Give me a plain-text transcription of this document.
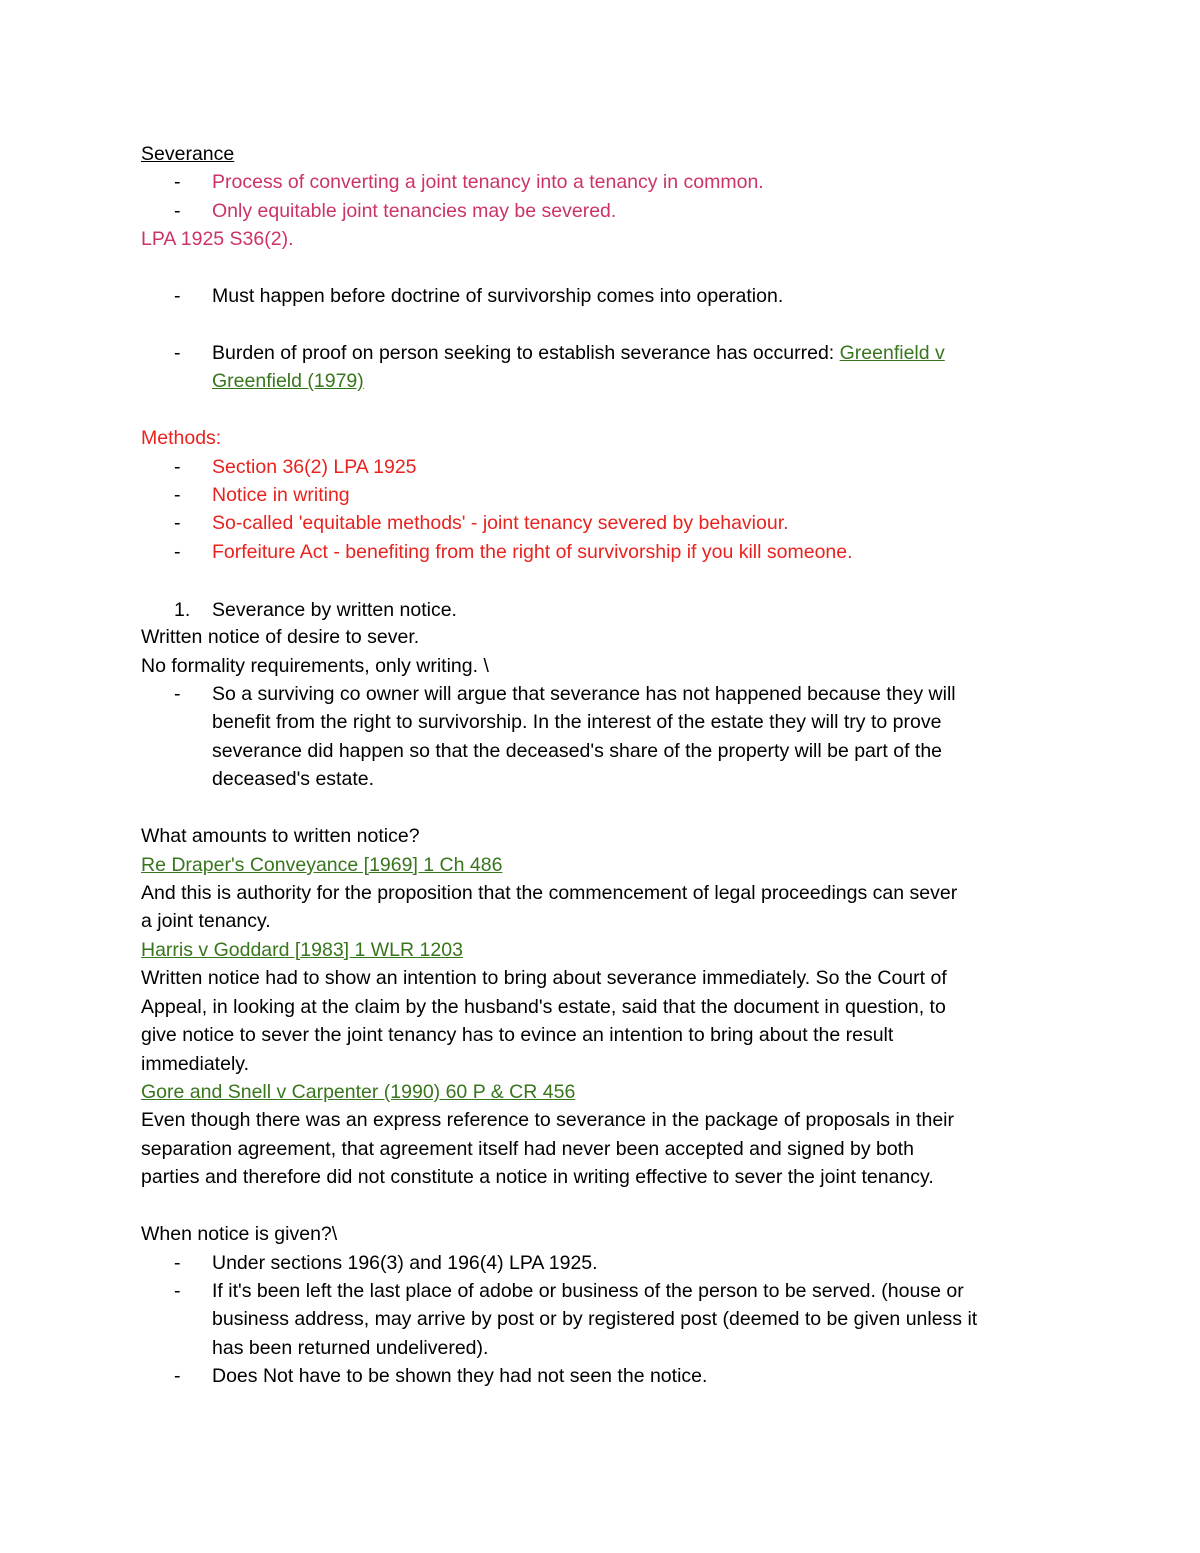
Severance
- Process of converting a joint tenancy into a tenancy in common.
- Only equitable joint tenancies may be severed.
LPA 1925 S36(2).
- Must happen before doctrine of survivorship comes into operation.
- Burden of proof on person seeking to establish severance has occurred: Greenfield v
Greenfield (1979)
Methods:
- Section 36(2) LPA 1925
- Notice in writing
- So-called 'equitable methods' - joint tenancy severed by behaviour.
- Forfeiture Act - benefiting from the right of survivorship if you kill someone.
1. Severance by written notice.
Written notice of desire to sever.
No formality requirements, only writing. \
- So a surviving co owner will argue that severance has not happened because they will
benefit from the right to survivorship. In the interest of the estate they will try to prove
severance did happen so that the deceased's share of the property will be part of the
deceased's estate.
What amounts to written notice?
Re Draper's Conveyance [1969] 1 Ch 486
And this is authority for the proposition that the commencement of legal proceedings can sever
a joint tenancy.
Harris v Goddard [1983] 1 WLR 1203
Written notice had to show an intention to bring about severance immediately. So the Court of
Appeal, in looking at the claim by the husband's estate, said that the document in question, to
give notice to sever the joint tenancy has to evince an intention to bring about the result
immediately.
Gore and Snell v Carpenter (1990) 60 P & CR 456
Even though there was an express reference to severance in the package of proposals in their
separation agreement, that agreement itself had never been accepted and signed by both
parties and therefore did not constitute a notice in writing effective to sever the joint tenancy.
When notice is given?\
- Under sections 196(3) and 196(4) LPA 1925.
- If it's been left the last place of adobe or business of the person to be served. (house or
business address, may arrive by post or by registered post (deemed to be given unless it
has been returned undelivered).
- Does Not have to be shown they had not seen the notice.
